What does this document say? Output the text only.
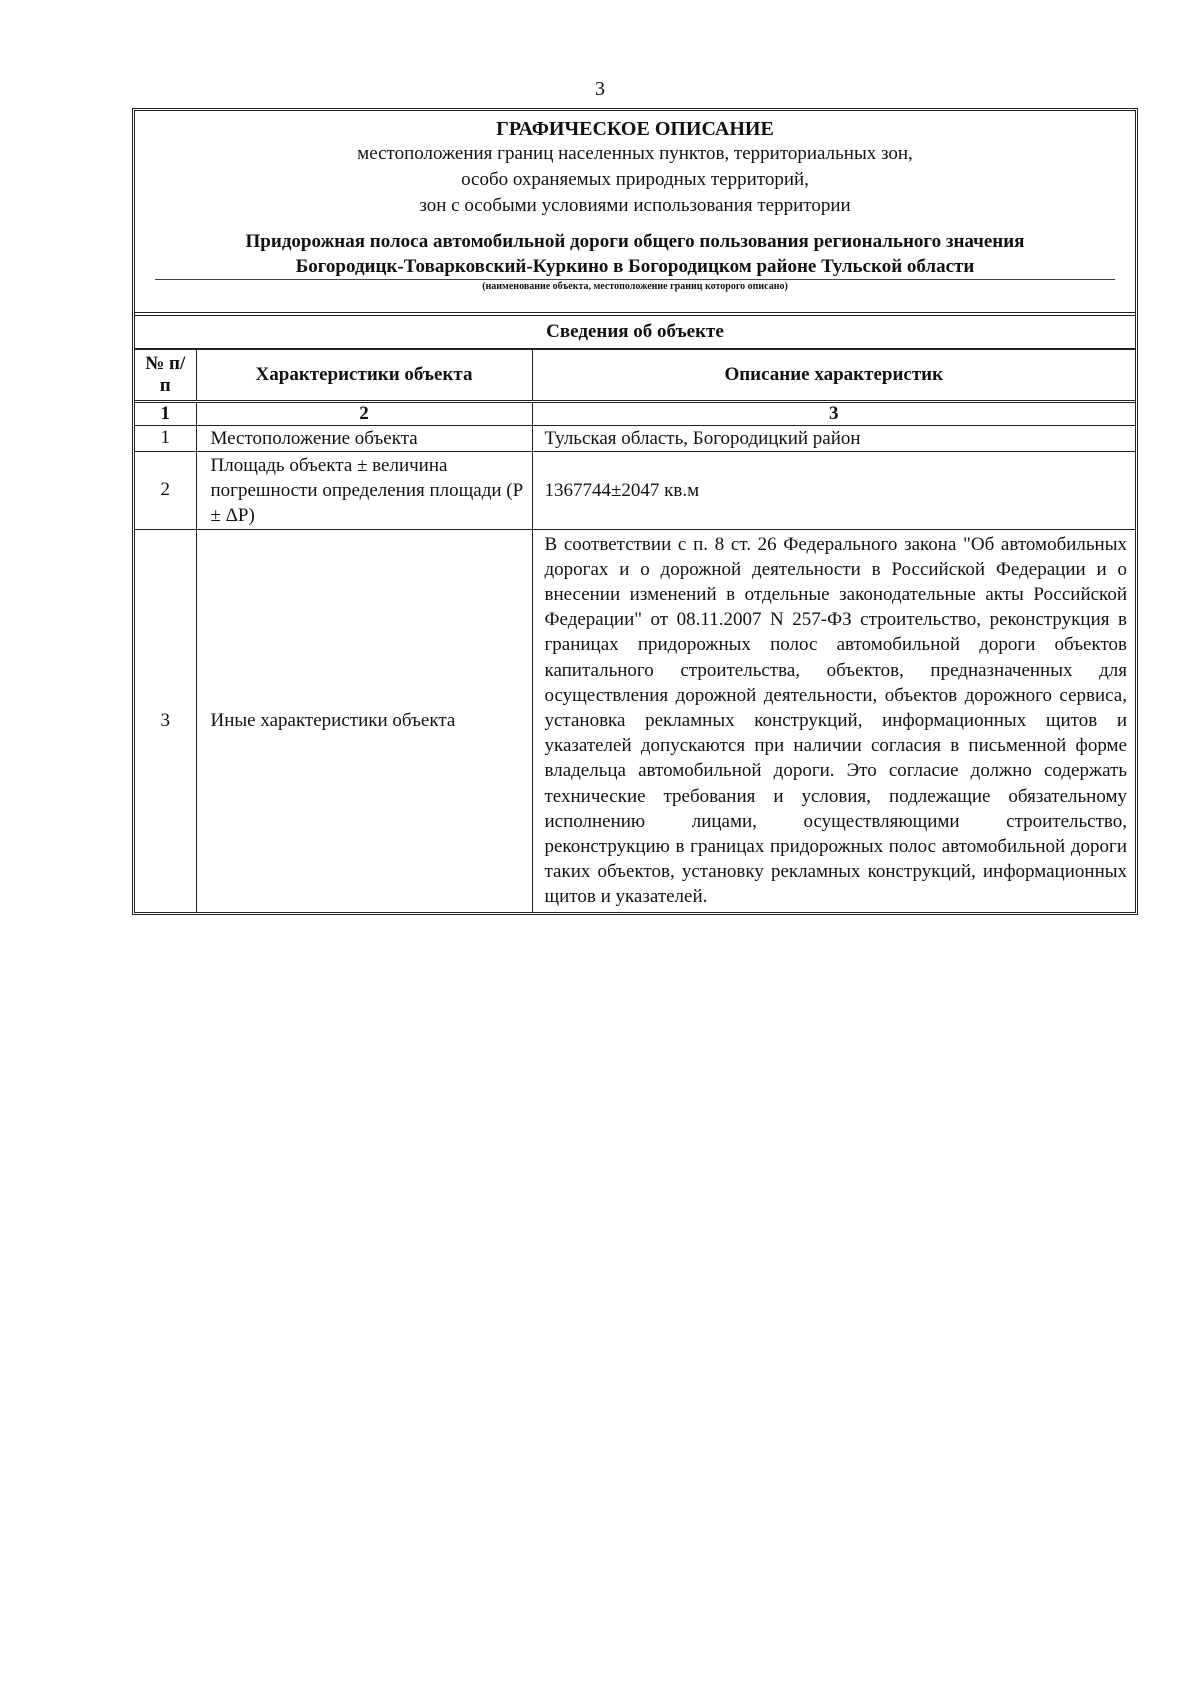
3
ГРАФИЧЕСКОЕ ОПИСАНИЕ
местоположения границ населенных пунктов, территориальных зон,
особо охраняемых природных территорий,
зон с особыми условиями использования территории
Придорожная полоса автомобильной дороги общего пользования регионального значения
Богородицк-Товарковский-Куркино в Богородицком районе Тульской области
(наименование объекта, местоположение границ которого описано)
Сведения об объекте
№ п/п	Характеристики объекта	Описание характеристик
1	2	3
1	Местоположение объекта	Тульская область, Богородицкий район
2	Площадь объекта ± величина погрешности определения площади (Р ± ΔР)	1367744±2047 кв.м
3	Иные характеристики объекта	В соответствии с п. 8 ст. 26 Федерального закона "Об автомобильных дорогах и о дорожной деятельности в Российской Федерации и о внесении изменений в отдельные законодательные акты Российской Федерации" от 08.11.2007 N 257-ФЗ строительство, реконструкция в границах придорожных полос автомобильной дороги объектов капитального строительства, объектов, предназначенных для осуществления дорожной деятельности, объектов дорожного сервиса, установка рекламных конструкций, информационных щитов и указателей допускаются при наличии согласия в письменной форме владельца автомобильной дороги. Это согласие должно содержать технические требования и условия, подлежащие обязательному исполнению лицами, осуществляющими строительство, реконструкцию в границах придорожных полос автомобильной дороги таких объектов, установку рекламных конструкций, информационных щитов и указателей.
